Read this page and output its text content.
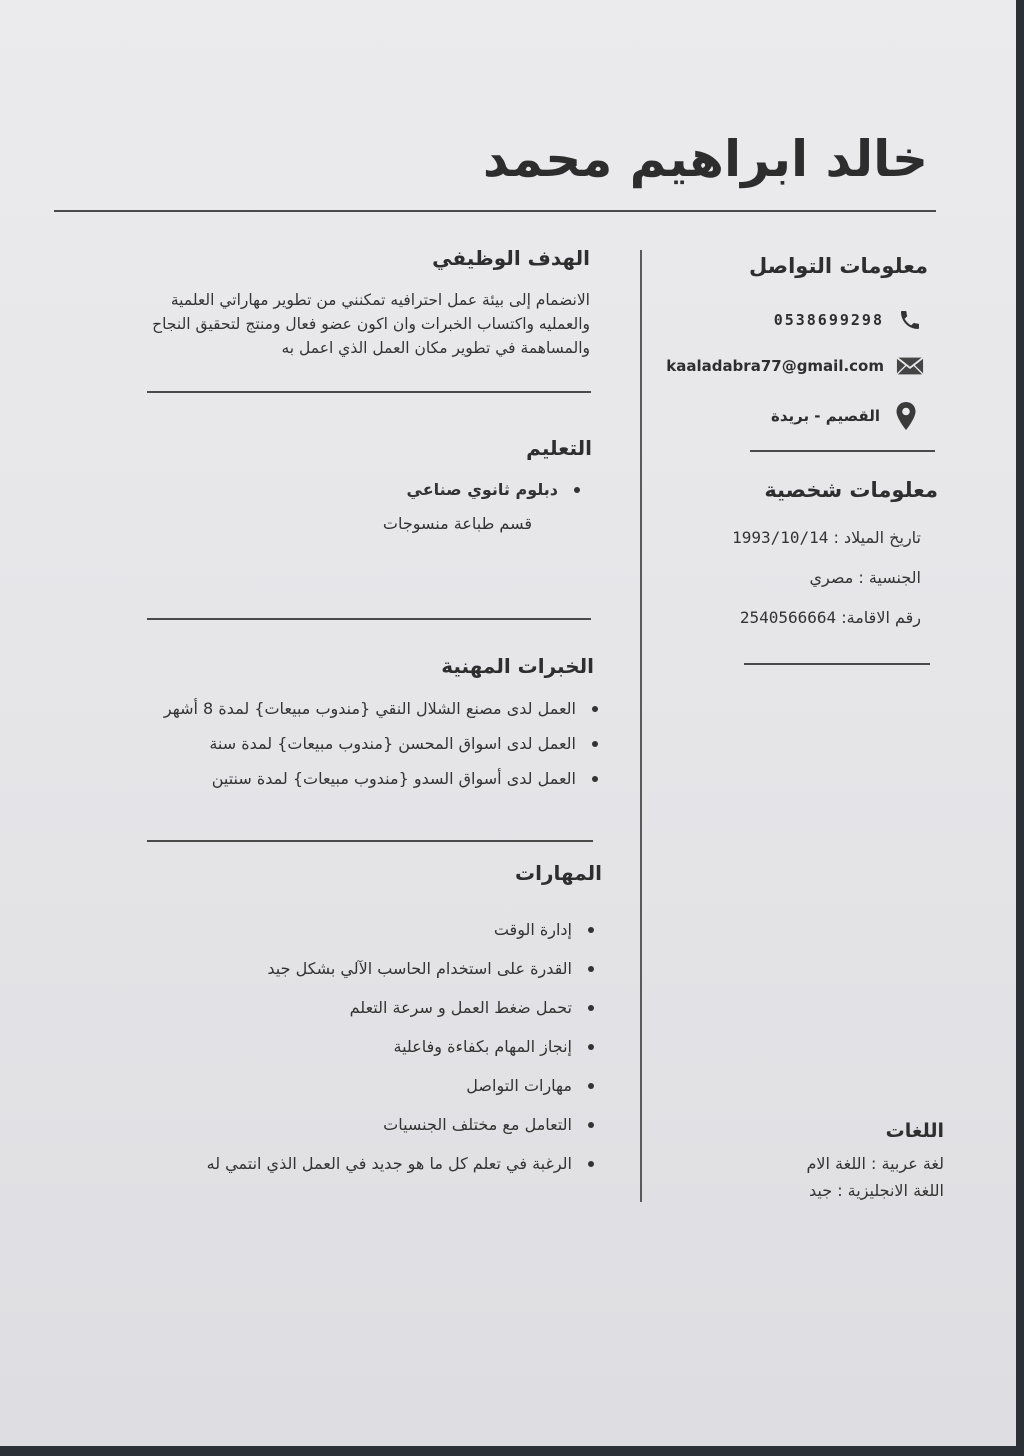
خالد ابراهيم محمد
معلومات التواصل
0538699298
kaaladabra77@gmail.com
القصيم - بريدة
معلومات شخصية
تاريخ الميلاد : 1993/10/14
الجنسية : مصري
رقم الاقامة: 2540566664
اللغات
لغة عربية : اللغة الام
اللغة الانجليزية : جيد
الهدف الوظيفي
الانضمام إلى بيئة عمل احترافيه تمكنني من تطوير مهاراتي العلمية
والعمليه واكتساب الخبرات وان اكون عضو فعال ومنتج لتحقيق النجاح
والمساهمة في تطوير مكان العمل الذي اعمل به
التعليم
دبلوم ثانوي صناعي
قسم طباعة منسوجات
الخبرات المهنية
العمل لدى مصنع الشلال النقي {مندوب مبيعات} لمدة 8 أشهر
العمل لدى اسواق المحسن {مندوب مبيعات} لمدة سنة
العمل لدى أسواق السدو {مندوب مبيعات} لمدة سنتين
المهارات
إدارة الوقت
القدرة على استخدام الحاسب الآلي بشكل جيد
تحمل ضغط العمل و سرعة التعلم
إنجاز المهام بكفاءة وفاعلية
مهارات التواصل
التعامل مع مختلف الجنسيات
الرغبة في تعلم كل ما هو جديد في العمل الذي انتمي له
